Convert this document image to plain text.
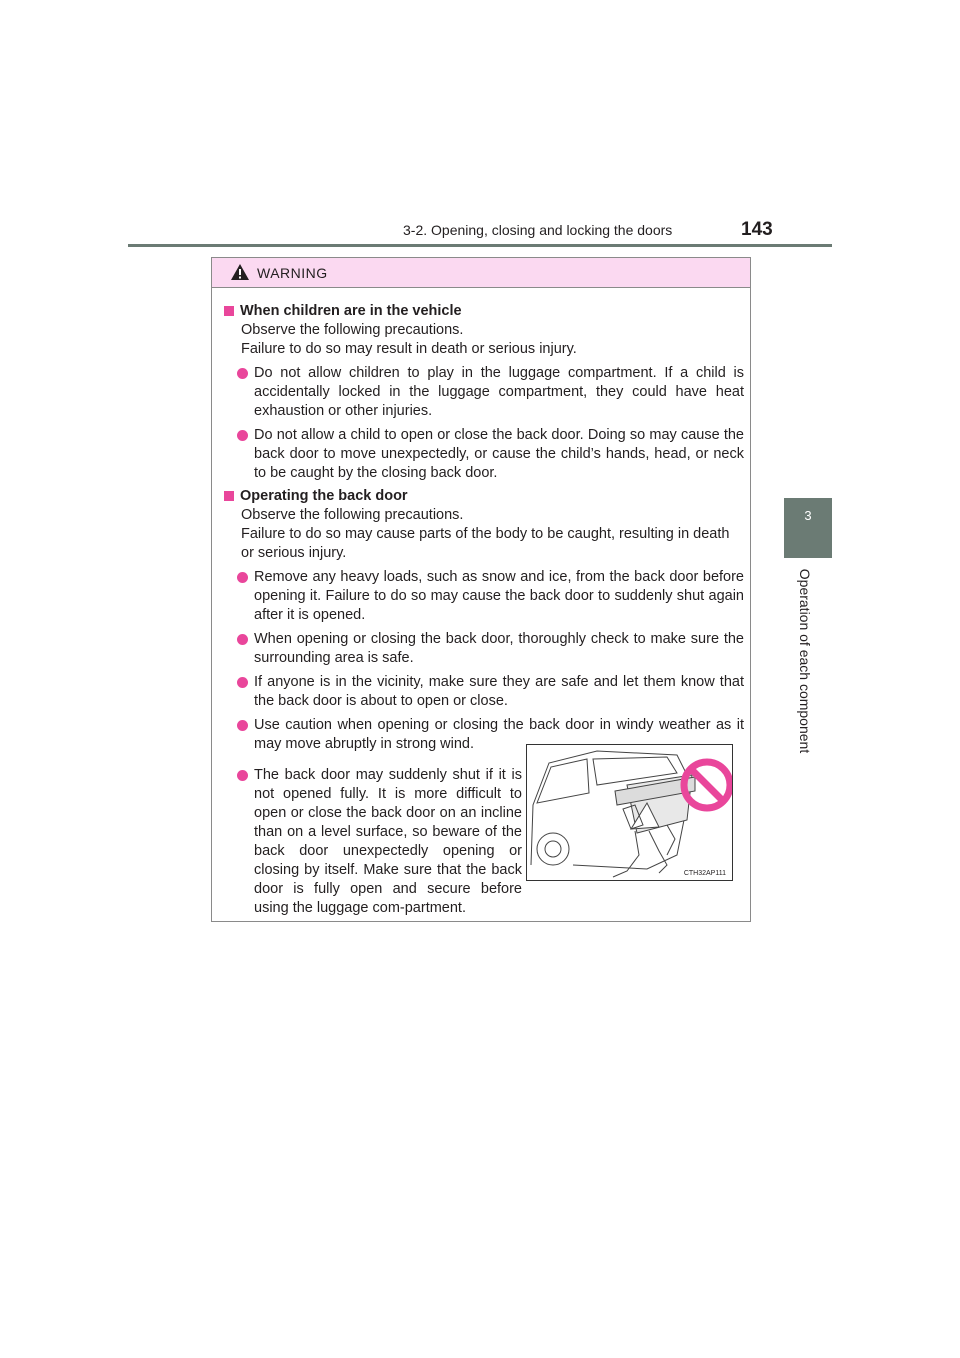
3-2. Opening, closing and locking the doors	143
3
Operation of each component
WARNING
When children are in the vehicle
Observe the following precautions.
Failure to do so may result in death or serious injury.
Do not allow children to play in the luggage compartment. If a child is accidentally locked in the luggage compartment, they could have heat exhaustion or other injuries.
Do not allow a child to open or close the back door. Doing so may cause the back door to move unexpectedly, or cause the child’s hands, head, or neck to be caught by the closing back door.
Operating the back door
Observe the following precautions.
Failure to do so may cause parts of the body to be caught, resulting in death or serious injury.
Remove any heavy loads, such as snow and ice, from the back door before opening it. Failure to do so may cause the back door to suddenly shut again after it is opened.
When opening or closing the back door, thoroughly check to make sure the surrounding area is safe.
If anyone is in the vicinity, make sure they are safe and let them know that the back door is about to open or close.
Use caution when opening or closing the back door in windy weather as it may move abruptly in strong wind.
The back door may suddenly shut if it is not opened fully. It is more difficult to open or close the back door on an incline than on a level surface, so beware of the back door unexpectedly opening or closing by itself. Make sure that the back door is fully open and secure before using the luggage com-partment.
CTH32AP111
